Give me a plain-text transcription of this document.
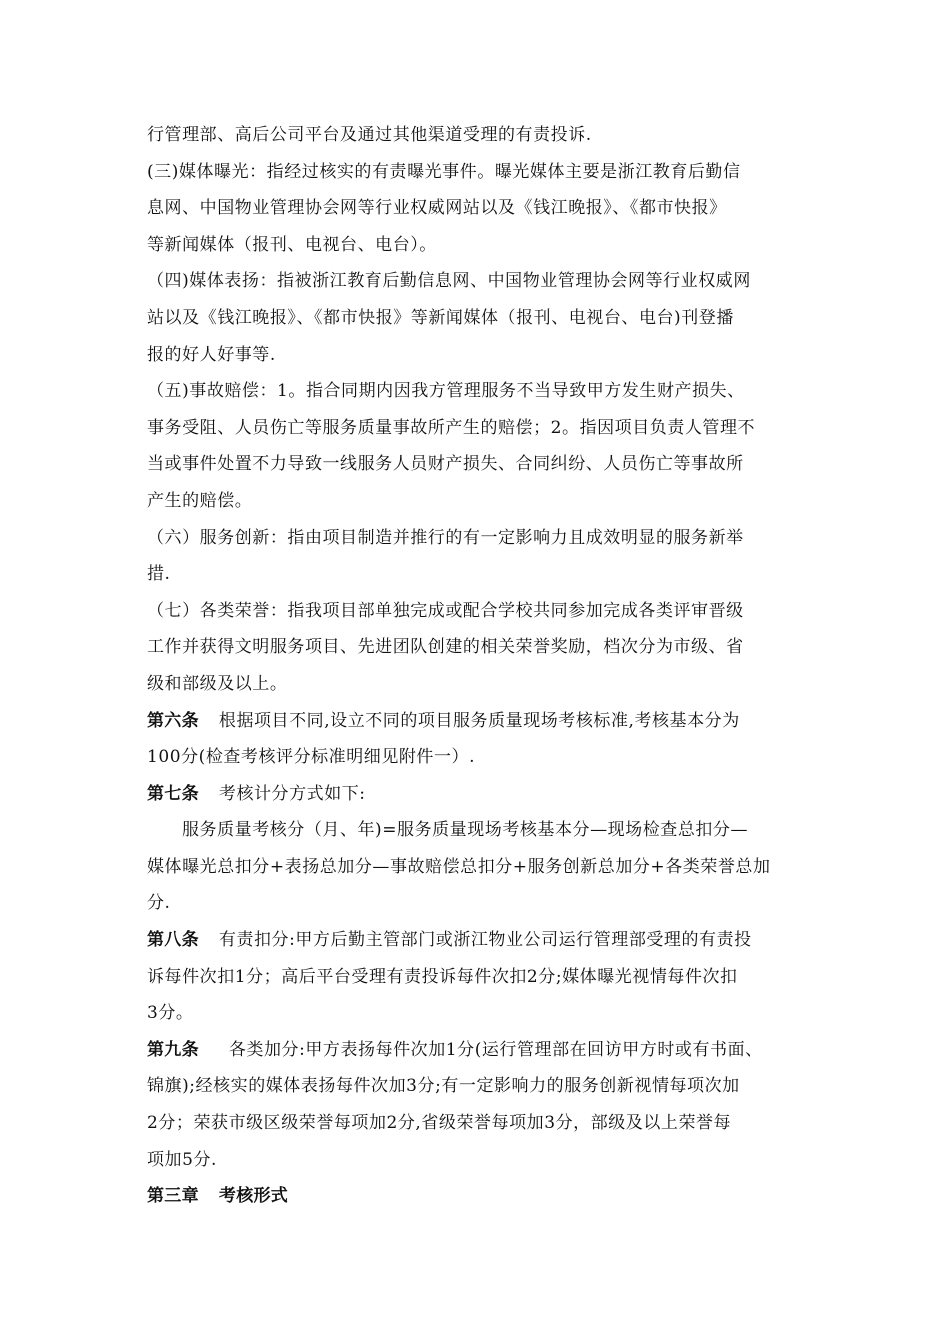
行管理部、高后公司平台及通过其他渠道受理的有责投诉.
(三)媒体曝光：指经过核实的有责曝光事件。曝光媒体主要是浙江教育后勤信
息网、中国物业管理协会网等行业权威网站以及《钱江晚报》、《都市快报》
等新闻媒体（报刊、电视台、电台）。
（四)媒体表扬：指被浙江教育后勤信息网、中国物业管理协会网等行业权威网
站以及《钱江晚报》、《都市快报》等新闻媒体（报刊、电视台、电台)刊登播
报的好人好事等.
（五)事故赔偿：1。指合同期内因我方管理服务不当导致甲方发生财产损失、
事务受阻、人员伤亡等服务质量事故所产生的赔偿；2。指因项目负责人管理不
当或事件处置不力导致一线服务人员财产损失、合同纠纷、人员伤亡等事故所
产生的赔偿。
（六）服务创新：指由项目制造并推行的有一定影响力且成效明显的服务新举
措.
（七）各类荣誉：指我项目部单独完成或配合学校共同参加完成各类评审晋级
工作并获得文明服务项目、先进团队创建的相关荣誉奖励，档次分为市级、省
级和部级及以上。
第六条 根据项目不同,设立不同的项目服务质量现场考核标准,考核基本分为
100分(检查考核评分标准明细见附件一）.
第七条 考核计分方式如下:
服务质量考核分（月、年)=服务质量现场考核基本分—现场检查总扣分—
媒体曝光总扣分+表扬总加分—事故赔偿总扣分+服务创新总加分+各类荣誉总加
分.
第八条 有责扣分:甲方后勤主管部门或浙江物业公司运行管理部受理的有责投
诉每件次扣1分；高后平台受理有责投诉每件次扣2分;媒体曝光视情每件次扣
3分。
第九条 各类加分:甲方表扬每件次加1分(运行管理部在回访甲方时或有书面、
锦旗);经核实的媒体表扬每件次加3分;有一定影响力的服务创新视情每项次加
2分；荣获市级区级荣誉每项加2分,省级荣誉每项加3分，部级及以上荣誉每
项加5分.
第三章 考核形式
